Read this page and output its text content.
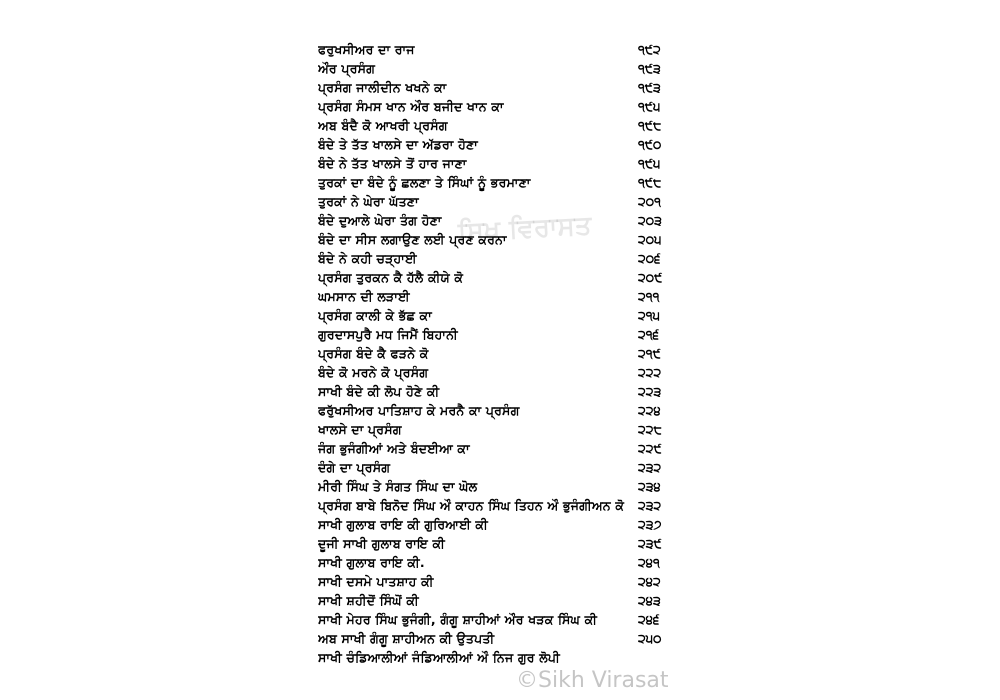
ਸਿਖ ਵਿਰਾਸਤ
ਫਰੁਖਸੀਅਰ ਦਾ ਰਾਜ	੧੯੨
ਔਰ ਪ੍ਰਸੰਗ	੧੯੩
ਪ੍ਰਸੰਗ ਜਾਲੀਦੀਨ ਖਖਨੇ ਕਾ	੧੯੩
ਪ੍ਰਸੰਗ ਸੰਮਸ ਖਾਨ ਔਰ ਬਜੀਦ ਖਾਨ ਕਾ	੧੯੫
ਅਬ ਬੰਦੈ ਕੋ ਆਖਰੀ ਪ੍ਰਸੰਗ	੧੯੮
ਬੰਦੇ ਤੇ ਤੱਤ ਖਾਲਸੇ ਦਾ ਅੱਡਰਾ ਹੋਣਾ	੧੯੦
ਬੰਦੇ ਨੇ ਤੱਤ ਖਾਲਸੇ ਤੋਂ ਹਾਰ ਜਾਣਾ	੧੯੫
ਤੁਰਕਾਂ ਦਾ ਬੰਦੇ ਨੂੰ ਛਲਣਾ ਤੇ ਸਿੰਘਾਂ ਨੂੰ ਭਰਮਾਣਾ	੧੯੮
ਤੁਰਕਾਂ ਨੇ ਘੇਰਾ ਘੱਤਣਾ	੨੦੧
ਬੰਦੇ ਦੁਆਲੇ ਘੇਰਾ ਤੰਗ ਹੋਣਾ	੨੦੩
ਬੰਦੇ ਦਾ ਸੀਸ ਲਗਾਉਣ ਲਈ ਪ੍ਰਣ ਕਰਨਾ	੨੦੫
ਬੰਦੇ ਨੇ ਕਹੀ ਚੜ੍ਹਾਈ	੨੦੬
ਪ੍ਰਸੰਗ ਤੁਰਕਨ ਕੈ ਹੱਲੈ ਕੀਯੇ ਕੋ	੨੦੯
ਘਮਸਾਨ ਦੀ ਲੜਾਈ	੨੧੧
ਪ੍ਰਸੰਗ ਕਾਲੀ ਕੇ ਭੱਛ ਕਾ	੨੧੫
ਗੁਰਦਾਸਪੁਰੈ ਮਧ ਜਿਮੈਂ ਬਿਹਾਨੀ	੨੧੬
ਪ੍ਰਸੰਗ ਬੰਦੇ ਕੈ ਫੜਨੇ ਕੋ	੨੧੯
ਬੰਦੇ ਕੋ ਮਰਨੇ ਕੋ ਪ੍ਰਸੰਗ	੨੨੨
ਸਾਖੀ ਬੰਦੇ ਕੀ ਲੋਪ ਹੋਣੇ ਕੀ	੨੨੩
ਫਰੁੱਖਸੀਅਰ ਪਾਤਿਸ਼ਾਹ ਕੇ ਮਰਨੈ ਕਾ ਪ੍ਰਸੰਗ	੨੨੪
ਖਾਲਸੇ ਦਾ ਪ੍ਰਸੰਗ	੨੨੮
ਜੰਗ ਭੁਜੰਗੀਆਂ ਅਤੇ ਬੰਦਈਆ ਕਾ	੨੨੯
ਦੰਗੇ ਦਾ ਪ੍ਰਸੰਗ	੨੩੨
ਮੀਰੀ ਸਿੰਘ ਤੇ ਸੰਗਤ ਸਿੰਘ ਦਾ ਘੋਲ	੨੩੪
ਪ੍ਰਸੰਗ ਬਾਬੇ ਬਿਨੋਦ ਸਿੰਘ ਔ ਕਾਹਨ ਸਿੰਘ ਤਿਹਨ ਔ ਭੁਜੰਗੀਅਨ ਕੋ	੨੩੨
ਸਾਖੀ ਗੁਲਾਬ ਰਾਇ ਕੀ ਗੁਰਿਆਈ ਕੀ	੨੩੭
ਦੂਜੀ ਸਾਖੀ ਗੁਲਾਬ ਰਾਇ ਕੀ	੨੩੯
ਸਾਖੀ ਗੁਲਾਬ ਰਾਇ ਕੀ.	੨੪੧
ਸਾਖੀ ਦਸਮੇ ਪਾਤਸ਼ਾਹ ਕੀ	੨੪੨
ਸਾਖੀ ਸ਼ਹੀਦੋਂ ਸਿੰਘੋਂ ਕੀ	੨੪੩
ਸਾਖੀ ਮੇਹਰ ਸਿੰਘ ਭੁਜੰਗੀ, ਗੰਗੂ ਸ਼ਾਹੀਆਂ ਔਰ ਖੜਕ ਸਿੰਘ ਕੀ	੨੪੬
ਅਬ ਸਾਖੀ ਗੰਗੂ ਸ਼ਾਹੀਅਨ ਕੀ ਉਤਪਤੀ	੨੫੦
ਸਾਖੀ ਚੰਡਿਆਲੀਆਂ ਜੰਡਿਆਲੀਆਂ ਔ ਨਿਜ ਗੁਰ ਲੋਪੀ
©Sikh Virasat
